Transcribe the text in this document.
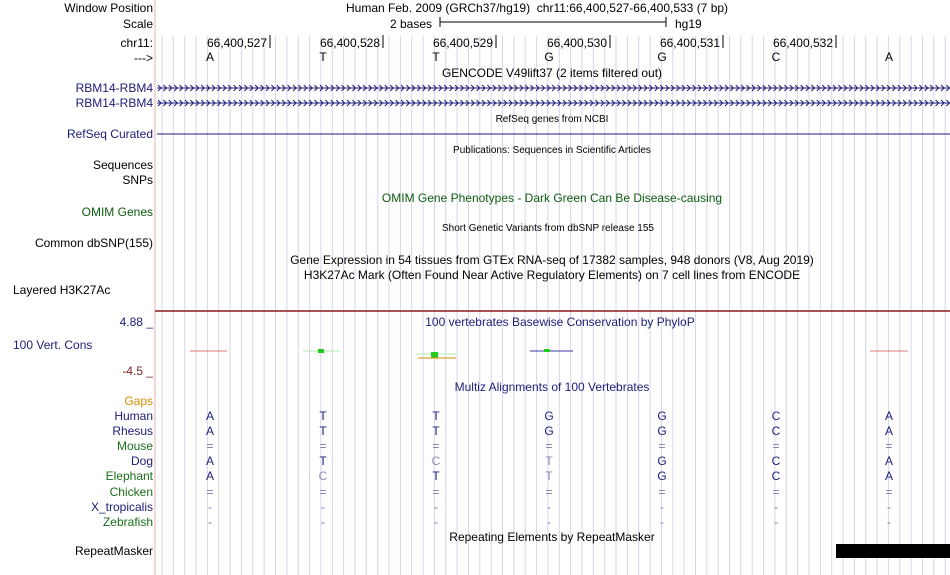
Window Position	Human Feb. 2009 (GRCh37/hg19) chr11:66,400,527-66,400,533 (7 bp)
Scale	2 bases	hg19
chr11:
--->
66,400,527	66,400,528	66,400,529	66,400,530	66,400,531	66,400,532
A	T	T	G	G	C	A
GENCODE V49lift37 (2 items filtered out)
RBM14-RBM4
RBM14-RBM4
RefSeq genes from NCBI
RefSeq Curated
Publications: Sequences in Scientific Articles
Sequences
SNPs
OMIM Gene Phenotypes - Dark Green Can Be Disease-causing
OMIM Genes
Short Genetic Variants from dbSNP release 155
Common dbSNP(155)
Gene Expression in 54 tissues from GTEx RNA-seq of 17382 samples, 948 donors (V8, Aug 2019)
H3K27Ac Mark (Often Found Near Active Regulatory Elements) on 7 cell lines from ENCODE
Layered H3K27Ac
4.88 _	100 vertebrates Basewise Conservation by PhyloP
100 Vert. Cons
-4.5 _
Multiz Alignments of 100 Vertebrates
Gaps
Human	A	T	T	G	G	C	A
Rhesus	A	T	T	G	G	C	A
Mouse	=	=	=	=	=	=	=
Dog	A	T	C	T	G	C	A
Elephant	A	C	T	T	G	C	A
Chicken	=	=	=	=	=	=	=
X_tropicalis	-	-	-	-	-	-	-
Zebrafish	-	-	-	-	-	-	-
Repeating Elements by RepeatMasker
RepeatMasker
